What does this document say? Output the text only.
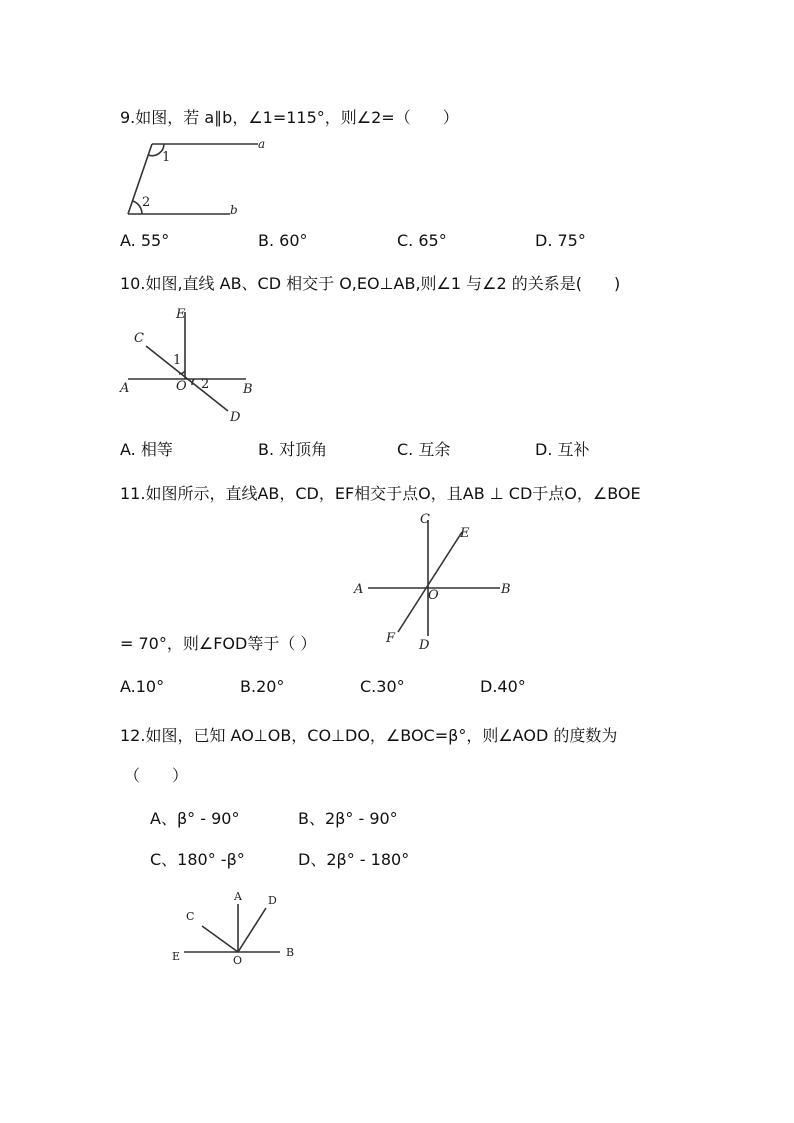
9.如图，若 a∥b，∠1=115°，则∠2=（　　）
1
2
a
b
A. 55°	B. 60°	C. 65°	D. 75°
10.如图,直线 AB、CD 相交于 O,EO⊥AB,则∠1 与∠2 的关系是(　　)
E
C
1
A	O 2	B
D
A. 相等	B. 对顶角	C. 互余	D. 互补
11.如图所示，直线AB，CD，EF相交于点O，且AB ⊥ CD于点O，∠BOE
C
E
A	O	B
F D
= 70°，则∠FOD等于（ ）
A.10°	B.20°	C.30°	D.40°
12.如图，已知 AO⊥OB，CO⊥DO，∠BOC=β°，则∠AOD 的度数为
（　　）
A、β° - 90°	B、2β° - 90°
C、180° -β°	D、2β° - 180°
A D
C
E	O
B
